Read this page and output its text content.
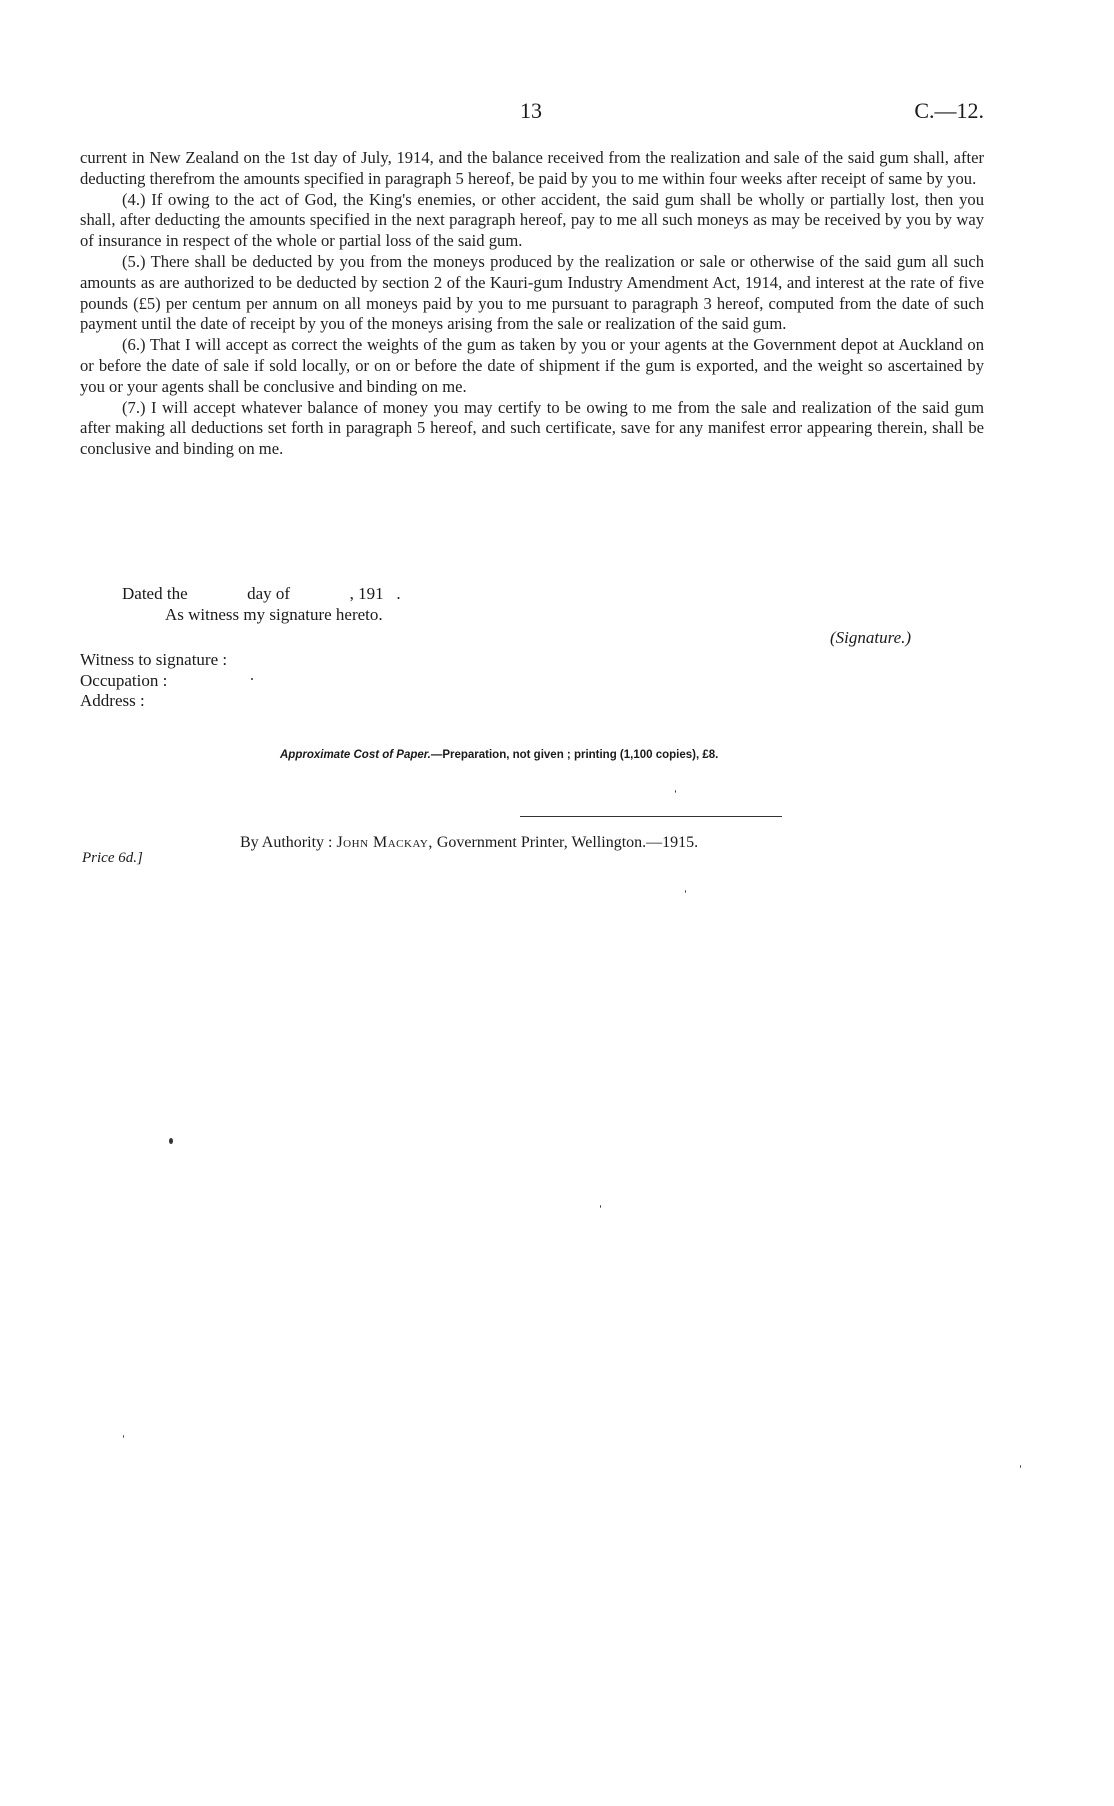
13	C.—12.

current in New Zealand on the 1st day of July, 1914, and the balance received from the realization and sale of the said gum shall, after deducting therefrom the amounts specified in paragraph 5 hereof, be paid by you to me within four weeks after receipt of same by you.

(4.) If owing to the act of God, the King's enemies, or other accident, the said gum shall be wholly or partially lost, then you shall, after deducting the amounts specified in the next paragraph hereof, pay to me all such moneys as may be received by you by way of insurance in respect of the whole or partial loss of the said gum.

(5.) There shall be deducted by you from the moneys produced by the realization or sale or otherwise of the said gum all such amounts as are authorized to be deducted by section 2 of the Kauri-gum Industry Amendment Act, 1914, and interest at the rate of five pounds (£5) per centum per annum on all moneys paid by you to me pursuant to paragraph 3 hereof, computed from the date of such payment until the date of receipt by you of the moneys arising from the sale or realization of the said gum.

(6.) That I will accept as correct the weights of the gum as taken by you or your agents at the Government depot at Auckland on or before the date of sale if sold locally, or on or before the date of shipment if the gum is exported, and the weight so ascertained by you or your agents shall be conclusive and binding on me.

(7.) I will accept whatever balance of money you may certify to be owing to me from the sale and realization of the said gum after making all deductions set forth in paragraph 5 hereof, and such certificate, save for any manifest error appearing therein, shall be conclusive and binding on me.

Dated the              day of              , 191   .
As witness my signature hereto.
(Signature.)
Witness to signature :
Occupation :
Address :
Approximate Cost of Paper.—Preparation, not given ; printing (1,100 copies), £8.
By Authority : John Mackay, Government Printer, Wellington.—1915.
Price 6d.]
